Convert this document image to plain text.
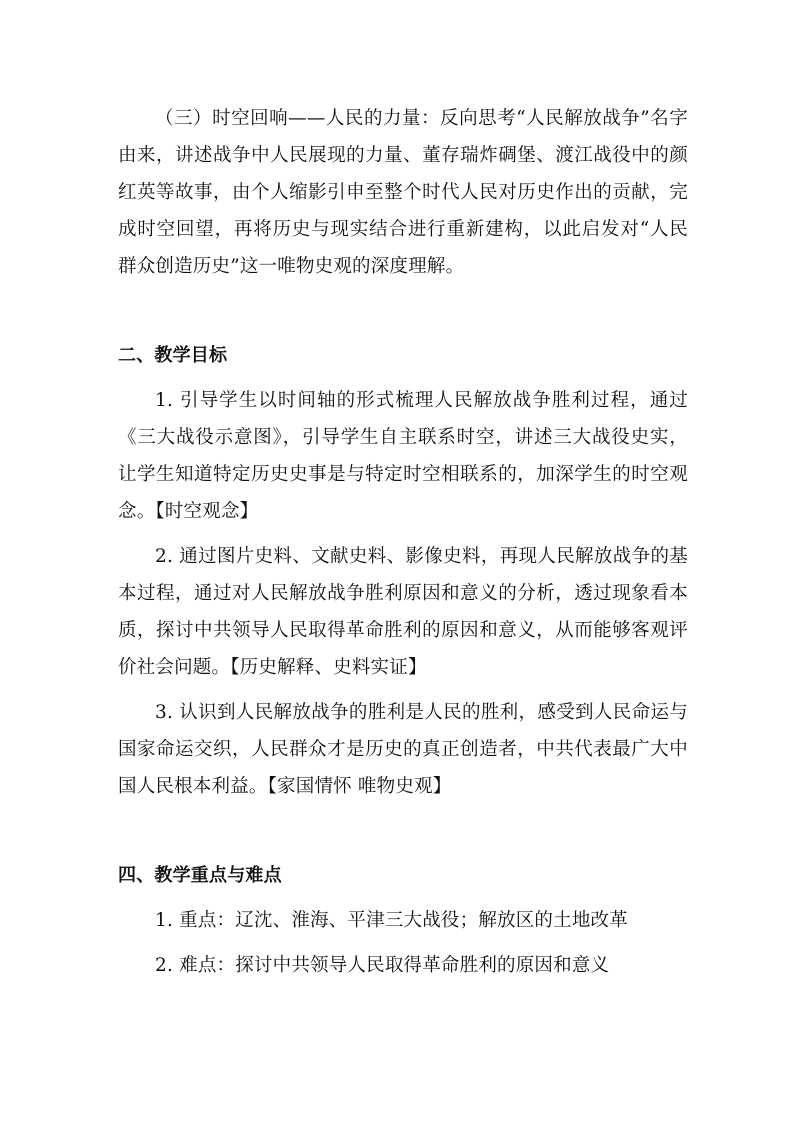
（三）时空回响——人民的力量：反向思考“人民解放战争”名字由来，讲述战争中人民展现的力量、董存瑞炸碉堡、渡江战役中的颜红英等故事，由个人缩影引申至整个时代人民对历史作出的贡献，完成时空回望，再将历史与现实结合进行重新建构，以此启发对“人民群众创造历史”这一唯物史观的深度理解。

二、教学目标

1. 引导学生以时间轴的形式梳理人民解放战争胜利过程，通过《三大战役示意图》，引导学生自主联系时空，讲述三大战役史实，让学生知道特定历史史事是与特定时空相联系的，加深学生的时空观念。【时空观念】

2. 通过图片史料、文献史料、影像史料，再现人民解放战争的基本过程，通过对人民解放战争胜利原因和意义的分析，透过现象看本质，探讨中共领导人民取得革命胜利的原因和意义，从而能够客观评价社会问题。【历史解释、史料实证】

3. 认识到人民解放战争的胜利是人民的胜利，感受到人民命运与国家命运交织，人民群众才是历史的真正创造者，中共代表最广大中国人民根本利益。【家国情怀 唯物史观】

四、教学重点与难点

1. 重点：辽沈、淮海、平津三大战役；解放区的土地改革

2. 难点：探讨中共领导人民取得革命胜利的原因和意义
